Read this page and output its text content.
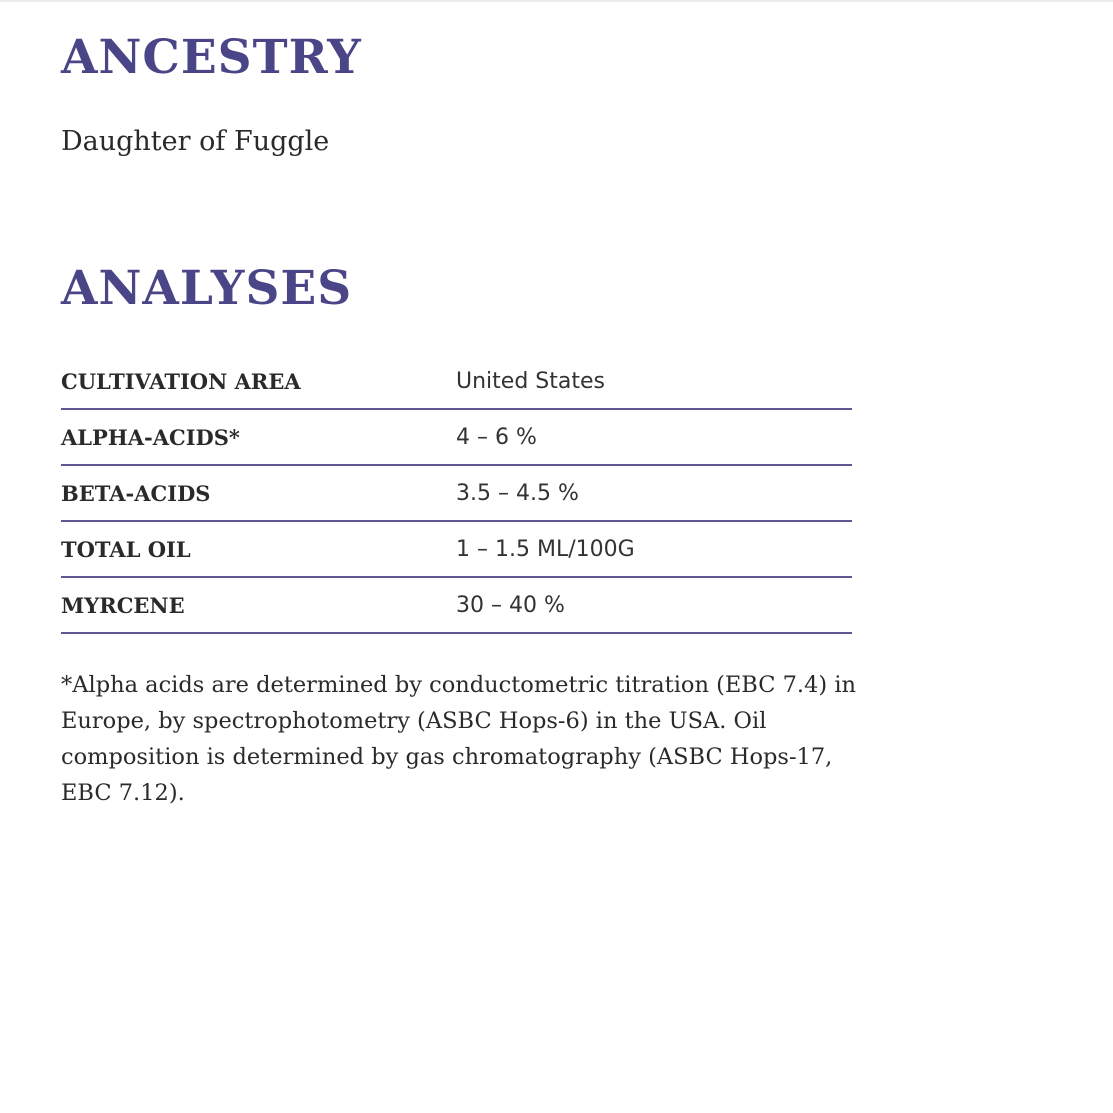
ANCESTRY

Daughter of Fuggle

ANALYSES
CULTIVATION AREA	United States
ALPHA-ACIDS*	4 – 6 %
BETA-ACIDS	3.5 – 4.5 %
TOTAL OIL	1 – 1.5 ML/100G
MYRCENE	30 – 40 %

*Alpha acids are determined by conductometric titration (EBC 7.4) in Europe, by spectrophotometry (ASBC Hops-6) in the USA. Oil composition is determined by gas chromatography (ASBC Hops-17, EBC 7.12).
